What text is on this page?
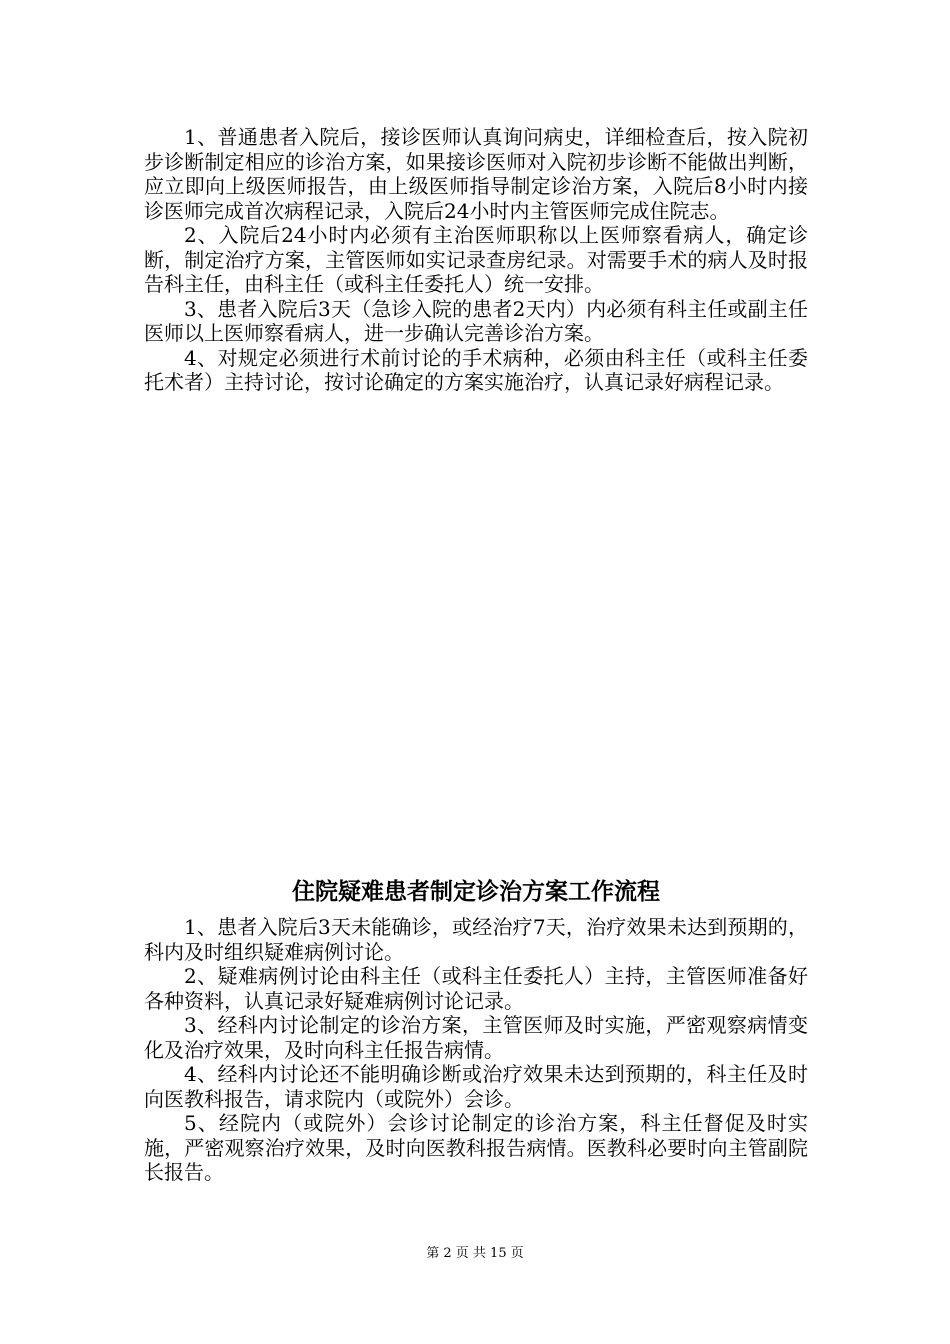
1、普通患者入院后，接诊医师认真询问病史，详细检查后，按入院初步诊断制定相应的诊治方案，如果接诊医师对入院初步诊断不能做出判断，应立即向上级医师报告，由上级医师指导制定诊治方案，入院后8小时内接诊医师完成首次病程记录，入院后24小时内主管医师完成住院志。

2、入院后24小时内必须有主治医师职称以上医师察看病人，确定诊断，制定治疗方案，主管医师如实记录查房纪录。对需要手术的病人及时报告科主任，由科主任（或科主任委托人）统一安排。

3、患者入院后3天（急诊入院的患者2天内）内必须有科主任或副主任医师以上医师察看病人，进一步确认完善诊治方案。

4、对规定必须进行术前讨论的手术病种，必须由科主任（或科主任委托术者）主持讨论，按讨论确定的方案实施治疗，认真记录好病程记录。

住院疑难患者制定诊治方案工作流程

1、患者入院后3天未能确诊，或经治疗7天，治疗效果未达到预期的，科内及时组织疑难病例讨论。

2、疑难病例讨论由科主任（或科主任委托人）主持，主管医师准备好各种资料，认真记录好疑难病例讨论记录。

3、经科内讨论制定的诊治方案，主管医师及时实施，严密观察病情变化及治疗效果，及时向科主任报告病情。

4、经科内讨论还不能明确诊断或治疗效果未达到预期的，科主任及时向医教科报告，请求院内（或院外）会诊。

5、经院内（或院外）会诊讨论制定的诊治方案，科主任督促及时实施，严密观察治疗效果，及时向医教科报告病情。医教科必要时向主管副院长报告。

第 2 页 共 15 页
